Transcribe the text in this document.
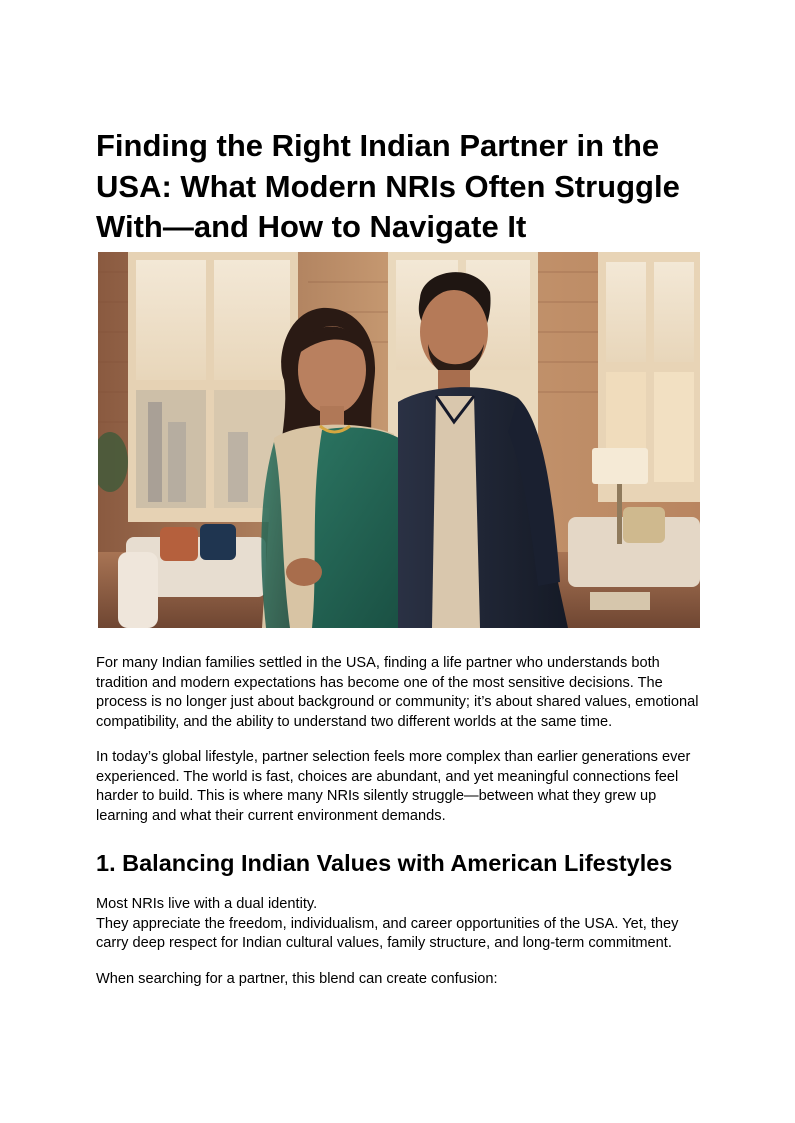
Finding the Right Indian Partner in the USA: What Modern NRIs Often Struggle With—and How to Navigate It

For many Indian families settled in the USA, finding a life partner who understands both tradition and modern expectations has become one of the most sensitive decisions. The process is no longer just about background or community; it’s about shared values, emotional compatibility, and the ability to understand two different worlds at the same time.

In today’s global lifestyle, partner selection feels more complex than earlier generations ever experienced. The world is fast, choices are abundant, and yet meaningful connections feel harder to build. This is where many NRIs silently struggle—between what they grew up learning and what their current environment demands.

1. Balancing Indian Values with American Lifestyles

Most NRIs live with a dual identity.
They appreciate the freedom, individualism, and career opportunities of the USA. Yet, they carry deep respect for Indian cultural values, family structure, and long-term commitment.

When searching for a partner, this blend can create confusion:
